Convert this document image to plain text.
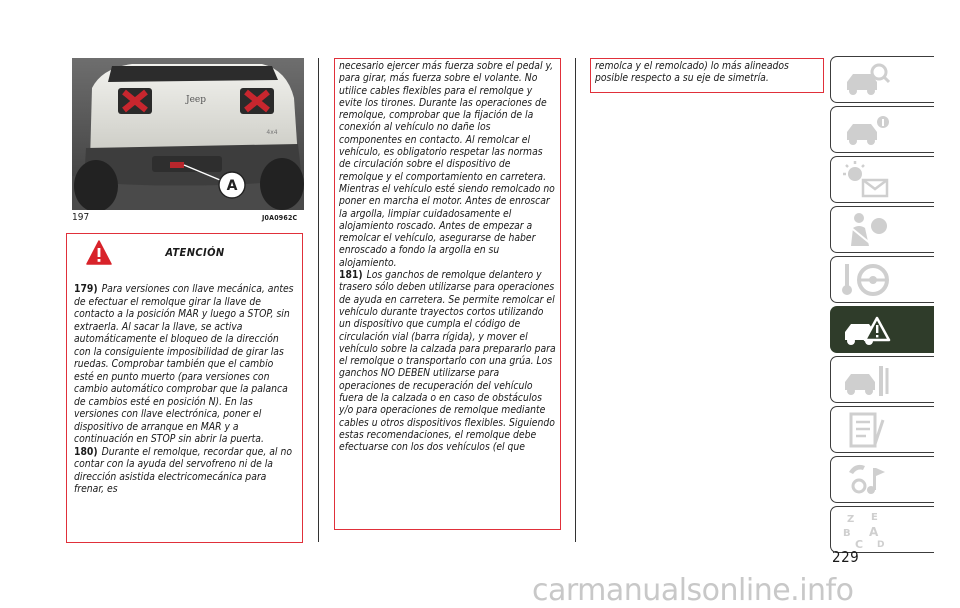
Jeep
4x4
A
197	J0A0962C
ATENCIÓN

179) Para versiones con llave mecánica, antes de efectuar el remolque girar la llave de contacto a la posición MAR y luego a STOP, sin extraerla. Al sacar la llave, se activa automáticamente el bloqueo de la dirección con la consiguiente imposibilidad de girar las ruedas. Comprobar también que el cambio esté en punto muerto (para versiones con cambio automático comprobar que la palanca de cambios esté en posición N). En las versiones con llave electrónica, poner el dispositivo de arranque en MAR y a continuación en STOP sin abrir la puerta.

180) Durante el remolque, recordar que, al no contar con la ayuda del servofreno ni de la dirección asistida electricomecánica para frenar, es

necesario ejercer más fuerza sobre el pedal y, para girar, más fuerza sobre el volante. No utilice cables flexibles para el remolque y evite los tirones. Durante las operaciones de remolque, comprobar que la fijación de la conexión al vehículo no dañe los componentes en contacto. Al remolcar el vehículo, es obligatorio respetar las normas de circulación sobre el dispositivo de remolque y el comportamiento en carretera. Mientras el vehículo esté siendo remolcado no poner en marcha el motor. Antes de enroscar la argolla, limpiar cuidadosamente el alojamiento roscado. Antes de empezar a remolcar el vehículo, asegurarse de haber enroscado a fondo la argolla en su alojamiento.

181) Los ganchos de remolque delantero y trasero sólo deben utilizarse para operaciones de ayuda en carretera. Se permite remolcar el vehículo durante trayectos cortos utilizando un dispositivo que cumpla el código de circulación vial (barra rígida), y mover el vehículo sobre la calzada para prepararlo para el remolque o transportarlo con una grúa. Los ganchos NO DEBEN utilizarse para operaciones de recuperación del vehículo fuera de la calzada o en caso de obstáculos y/o para operaciones de remolque mediante cables u otros dispositivos flexibles. Siguiendo estas recomendaciones, el remolque debe efectuarse con los dos vehículos (el que

remolca y el remolcado) lo más alineados posible respecto a su eje de simetría.
Z E
B A
C D
229
carmanualsonline.info
